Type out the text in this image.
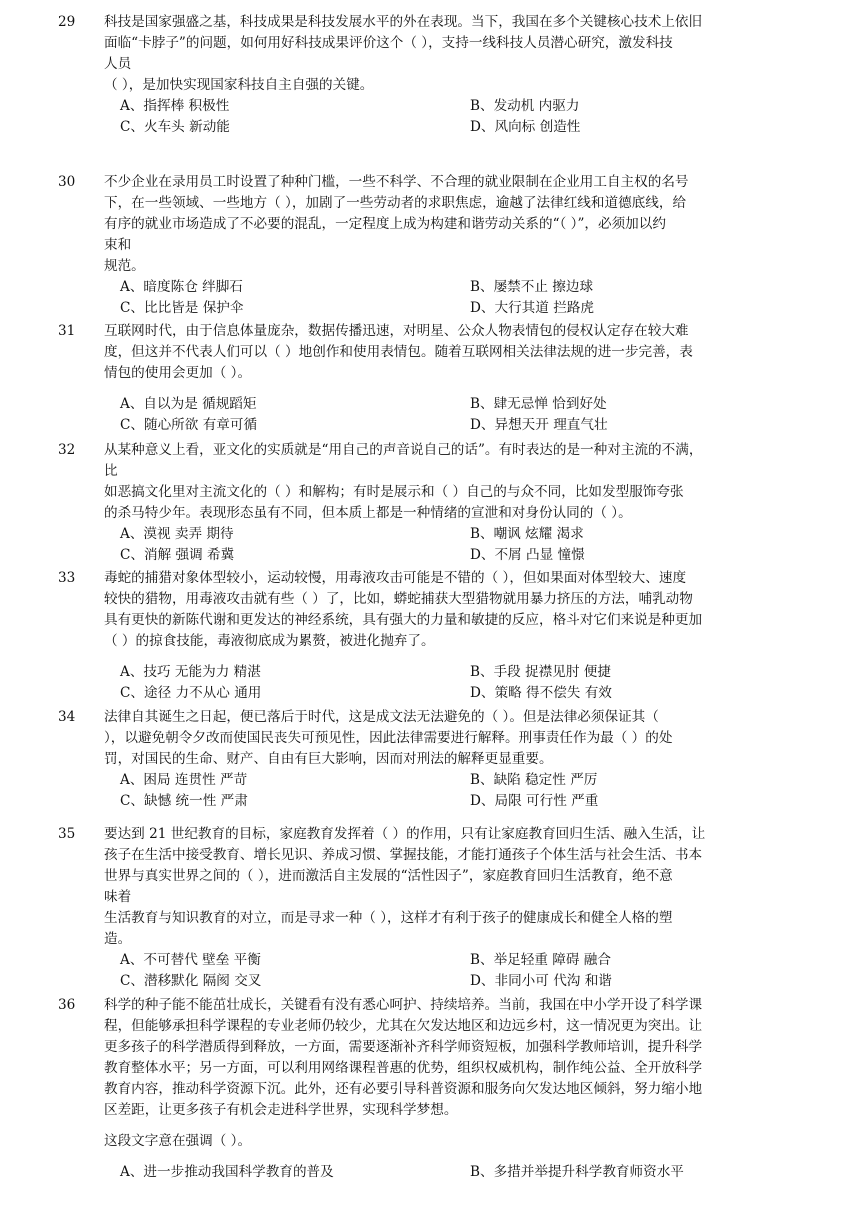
29 科技是国家强盛之基，科技成果是科技发展水平的外在表现。当下，我国在多个关键核心技术上依旧
面临“卡脖子”的问题，如何用好科技成果评价这个（ ），支持一线科技人员潜心研究，激发科技
人员
（ ），是加快实现国家科技自主自强的关键。
A、指挥棒 积极性	B、发动机 内驱力
C、火车头 新动能	D、风向标 创造性
30 不少企业在录用员工时设置了种种门槛，一些不科学、不合理的就业限制在企业用工自主权的名号
下，在一些领域、一些地方（ ），加剧了一些劳动者的求职焦虑，逾越了法律红线和道德底线，给
有序的就业市场造成了不必要的混乱，一定程度上成为构建和谐劳动关系的“（ ）”，必须加以约
束和
规范。
A、暗度陈仓 绊脚石	B、屡禁不止 擦边球
C、比比皆是 保护伞	D、大行其道 拦路虎
31 互联网时代，由于信息体量庞杂，数据传播迅速，对明星、公众人物表情包的侵权认定存在较大难
度，但这并不代表人们可以（ ）地创作和使用表情包。随着互联网相关法律法规的进一步完善，表
情包的使用会更加（ ）。
A、自以为是 循规蹈矩	B、肆无忌惮 恰到好处
C、随心所欲 有章可循	D、异想天开 理直气壮
32 从某种意义上看，亚文化的实质就是“用自己的声音说自己的话”。有时表达的是一种对主流的不满，
比
如恶搞文化里对主流文化的（ ）和解构；有时是展示和（ ）自己的与众不同，比如发型服饰夸张
的杀马特少年。表现形态虽有不同，但本质上都是一种情绪的宣泄和对身份认同的（ ）。
A、漠视 卖弄 期待	B、嘲讽 炫耀 渴求
C、消解 强调 希冀	D、不屑 凸显 憧憬
33 毒蛇的捕猎对象体型较小，运动较慢，用毒液攻击可能是不错的（ ），但如果面对体型较大、速度
较快的猎物，用毒液攻击就有些（ ）了，比如，蟒蛇捕获大型猎物就用暴力挤压的方法，哺乳动物
具有更快的新陈代谢和更发达的神经系统，具有强大的力量和敏捷的反应，格斗对它们来说是种更加
（ ）的掠食技能，毒液彻底成为累赘，被进化抛弃了。
A、技巧 无能为力 精湛	B、手段 捉襟见肘 便捷
C、途径 力不从心 通用	D、策略 得不偿失 有效
34 法律自其诞生之日起，便已落后于时代，这是成文法无法避免的（ ）。但是法律必须保证其（
），以避免朝令夕改而使国民丧失可预见性，因此法律需要进行解释。刑事责任作为最（ ）的处
罚，对国民的生命、财产、自由有巨大影响，因而对刑法的解释更显重要。
A、困局 连贯性 严苛	B、缺陷 稳定性 严厉
C、缺憾 统一性 严肃	D、局限 可行性 严重
35 要达到 21 世纪教育的目标，家庭教育发挥着（ ）的作用，只有让家庭教育回归生活、融入生活，让
孩子在生活中接受教育、增长见识、养成习惯、掌握技能，才能打通孩子个体生活与社会生活、书本
世界与真实世界之间的（ ），进而激活自主发展的“活性因子”，家庭教育回归生活教育，绝不意
味着
生活教育与知识教育的对立，而是寻求一种（ ），这样才有利于孩子的健康成长和健全人格的塑
造。
A、不可替代 壁垒 平衡	B、举足轻重 障碍 融合
C、潜移默化 隔阂 交叉	D、非同小可 代沟 和谐
36 科学的种子能不能茁壮成长，关键看有没有悉心呵护、持续培养。当前，我国在中小学开设了科学课
程，但能够承担科学课程的专业老师仍较少，尤其在欠发达地区和边远乡村，这一情况更为突出。让
更多孩子的科学潜质得到释放，一方面，需要逐渐补齐科学师资短板，加强科学教师培训，提升科学
教育整体水平；另一方面，可以利用网络课程普惠的优势，组织权威机构，制作纯公益、全开放科学
教育内容，推动科学资源下沉。此外，还有必要引导科普资源和服务向欠发达地区倾斜，努力缩小地
区差距，让更多孩子有机会走进科学世界，实现科学梦想。
这段文字意在强调（ ）。
A、进一步推动我国科学教育的普及	B、多措并举提升科学教育师资水平
